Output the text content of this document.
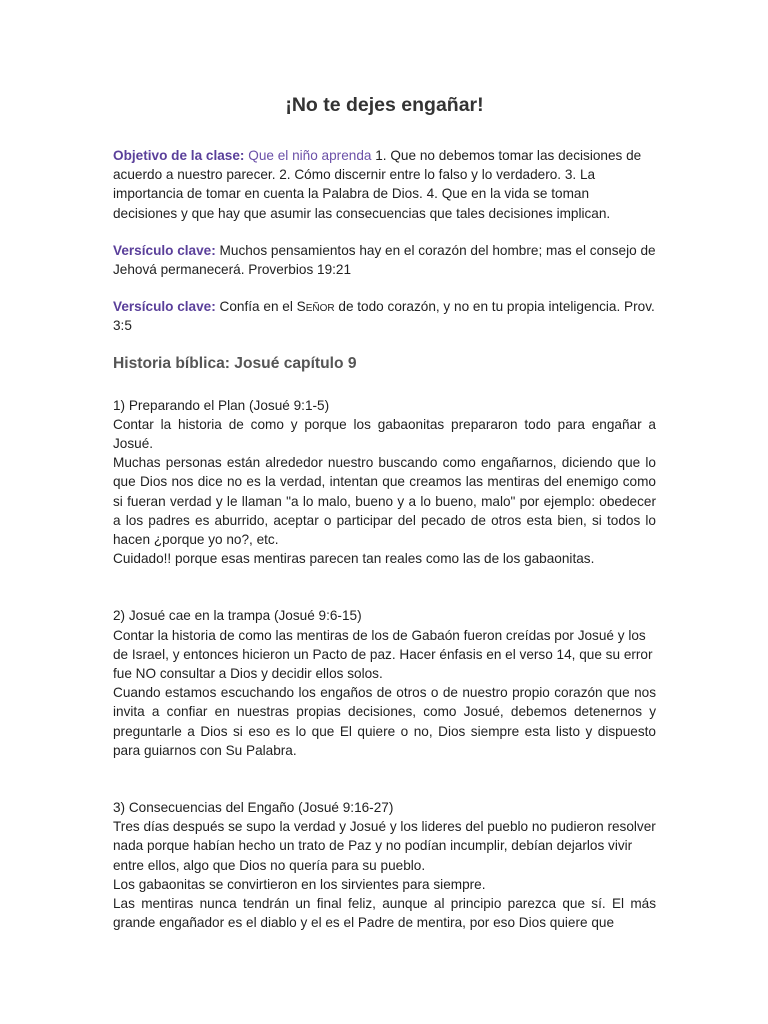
¡No te dejes engañar!

Objetivo de la clase: Que el niño aprenda 1. Que no debemos tomar las decisiones de acuerdo a nuestro parecer. 2. Cómo discernir entre lo falso y lo verdadero. 3. La importancia de tomar en cuenta la Palabra de Dios. 4. Que en la vida se toman decisiones y que hay que asumir las consecuencias que tales decisiones implican.

Versículo clave: Muchos pensamientos hay en el corazón del hombre; mas el consejo de Jehová permanecerá. Proverbios 19:21

Versículo clave: Confía en el Señor de todo corazón, y no en tu propia inteligencia. Prov. 3:5

Historia bíblica: Josué capítulo 9

1) Preparando el Plan (Josué 9:1-5)

Contar la historia de como y porque los gabaonitas prepararon todo para engañar a Josué.

Muchas personas están alrededor nuestro buscando como engañarnos, diciendo que lo que Dios nos dice no es la verdad, intentan que creamos las mentiras del enemigo como si fueran verdad y le llaman "a lo malo, bueno y a lo bueno, malo" por ejemplo: obedecer a los padres es aburrido, aceptar o participar del pecado de otros esta bien, si todos lo hacen ¿porque yo no?, etc.

Cuidado!! porque esas mentiras parecen tan reales como las de los gabaonitas.

2) Josué cae en la trampa (Josué 9:6-15)

Contar la historia de como las mentiras de los de Gabaón fueron creídas por Josué y los de Israel, y entonces hicieron un Pacto de paz. Hacer énfasis en el verso 14, que su error fue NO consultar a Dios y decidir ellos solos.

Cuando estamos escuchando los engaños de otros o de nuestro propio corazón que nos invita a confiar en nuestras propias decisiones, como Josué, debemos detenernos y preguntarle a Dios si eso es lo que El quiere o no, Dios siempre esta listo y dispuesto para guiarnos con Su Palabra.

3) Consecuencias del Engaño (Josué 9:16-27)

Tres días después se supo la verdad y Josué y los lideres del pueblo no pudieron resolver nada porque habían hecho un trato de Paz y no podían incumplir, debían dejarlos vivir entre ellos, algo que Dios no quería para su pueblo.

Los gabaonitas se convirtieron en los sirvientes para siempre.

Las mentiras nunca tendrán un final feliz, aunque al principio parezca que sí. El más grande engañador es el diablo y el es el Padre de mentira, por eso Dios quiere que
